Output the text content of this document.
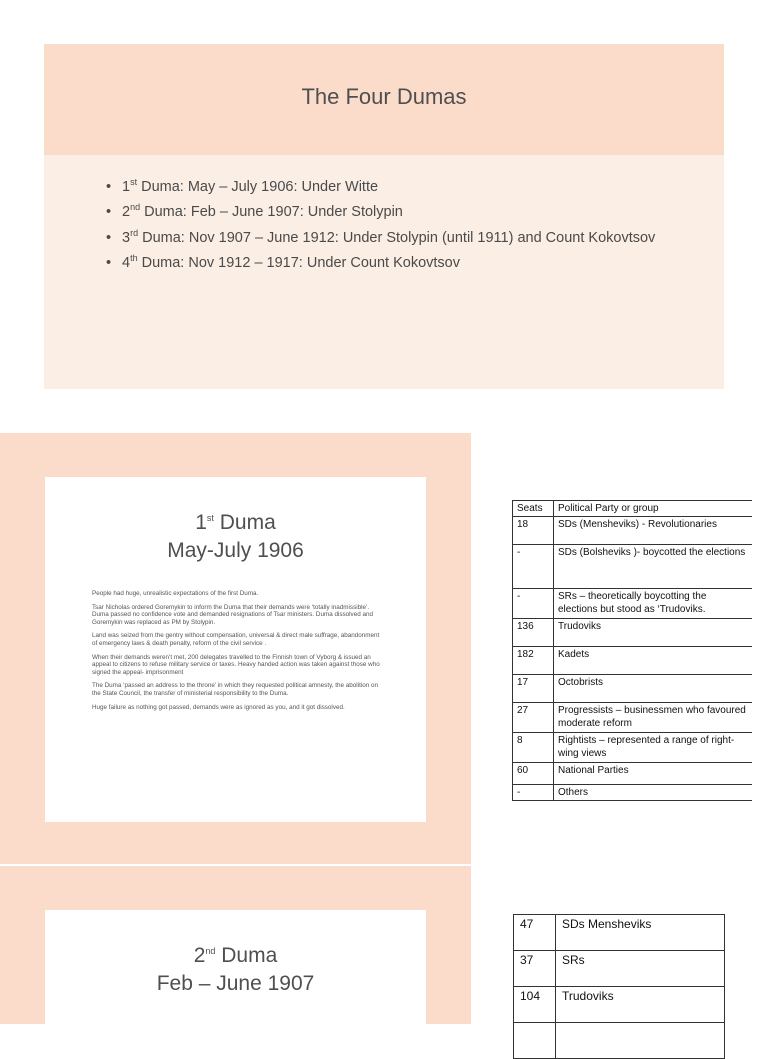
The Four Dumas
• 1st Duma: May – July 1906: Under Witte
• 2nd Duma: Feb – June 1907: Under Stolypin
• 3rd Duma: Nov 1907 – June 1912: Under Stolypin (until 1911) and Count Kokovtsov
• 4th Duma: Nov 1912 – 1917: Under Count Kokovtsov
1st Duma
May-July 1906

People had huge, unrealistic expectations of the first Duma.

Tsar Nicholas ordered Goremykin to inform the Duma that their demands were ‘totally inadmissible’. Duma passed no confidence vote and demanded resignations of Tsar ministers. Duma dissolved and Goremykin was replaced as PM by Stolypin.

Land was seized from the gentry without compensation, universal & direct male suffrage, abandonment of emergency laws & death penalty, reform of the civil service .

When their demands weren’t met, 200 delegates travelled to the Finnish town of Vyborg & issued an appeal to citizens to refuse military service or taxes. Heavy handed action was taken against those who signed the appeal- imprisonment

The Duma ‘passed an address to the throne’ in which they requested political amnesty, the abolition on the State Council, the transfer of ministerial responsibility to the Duma.

Huge failure as nothing got passed, demands were as ignored as you, and it got dissolved.

Seats	Political Party or group
18	SDs (Mensheviks) - Revolutionaries
-	SDs (Bolsheviks )- boycotted the elections
-	SRs – theoretically boycotting the elections but stood as ‘Trudoviks.
136	Trudoviks
182	Kadets
17	Octobrists
27	Progressists – businessmen who favoured moderate reform
8	Rightists – represented a range of right-wing views
60	National Parties
-	Others
2nd Duma
Feb – June 1907
47	SDs Mensheviks
37	SRs
104	Trudoviks
